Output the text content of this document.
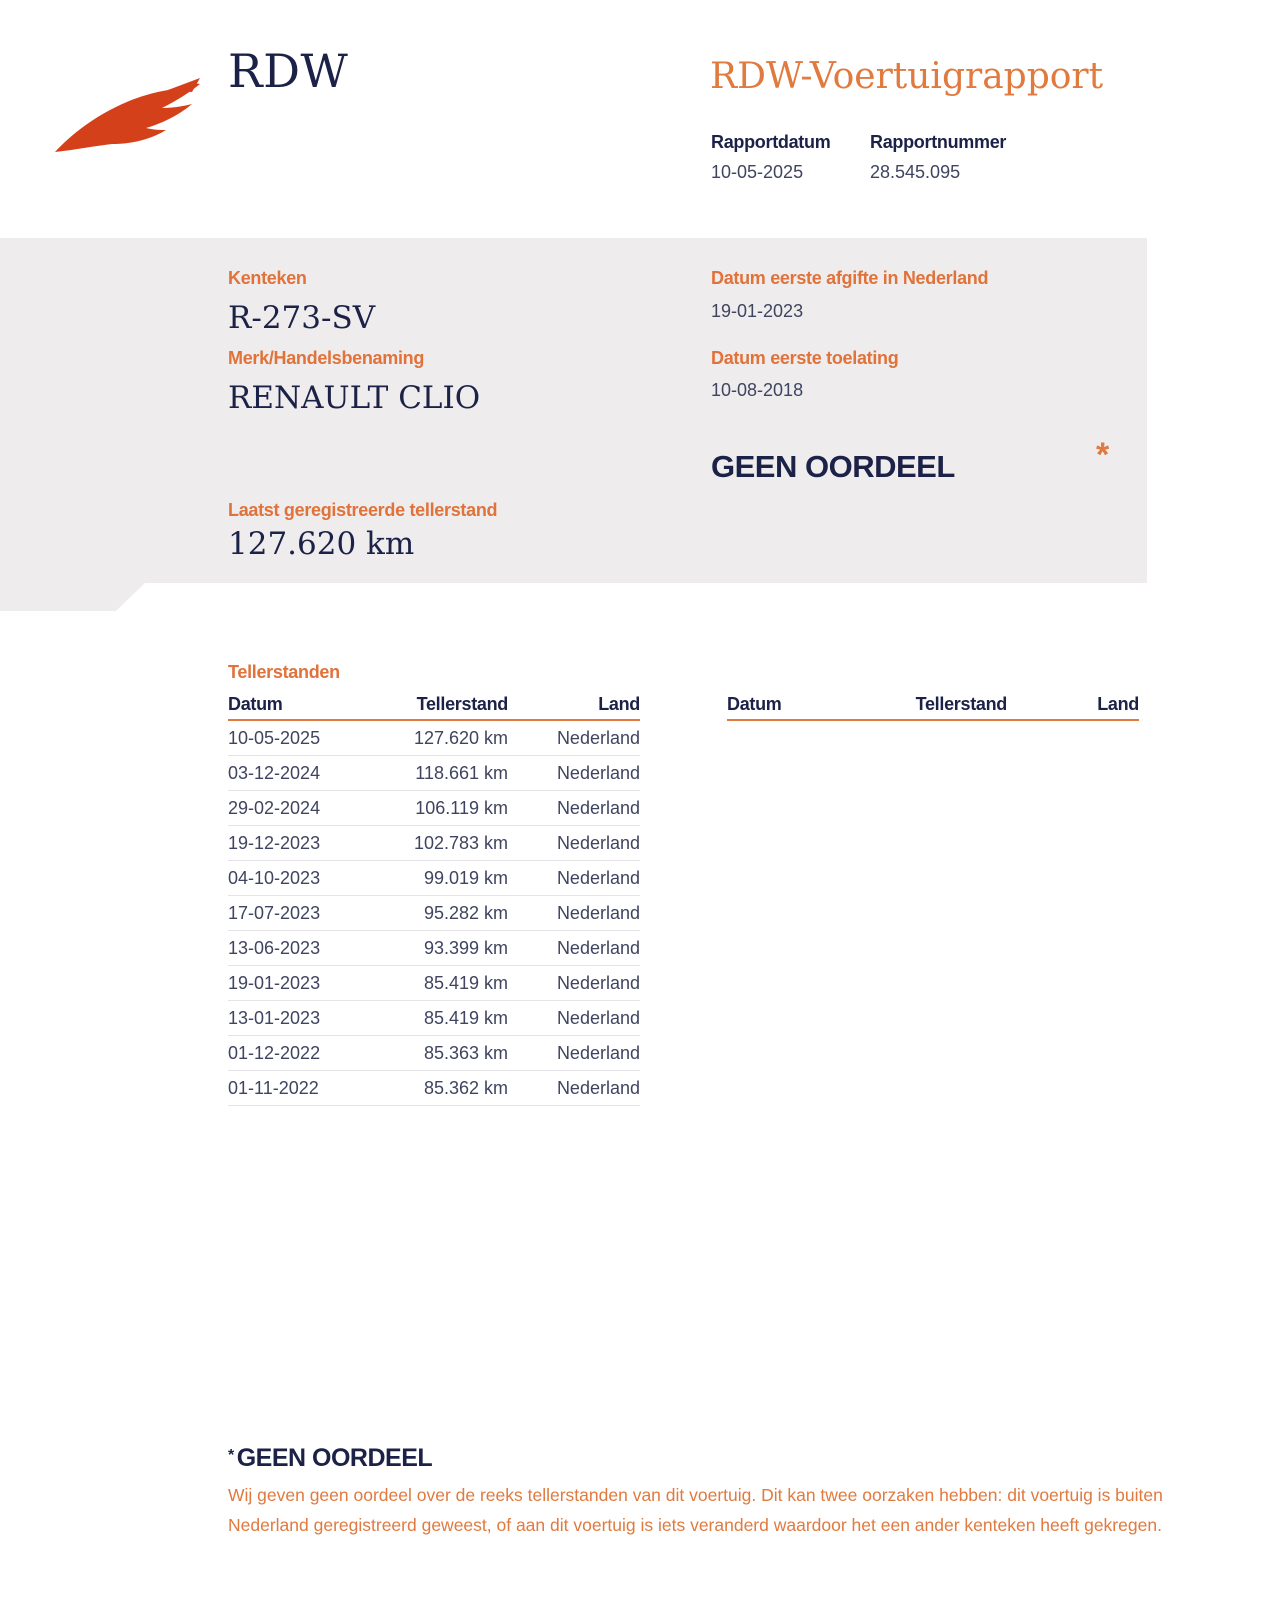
RDW	RDW-Voertuigrapport
Rapportdatum
10-05-2025
Rapportnummer
28.545.095
Kenteken
R-273-SV
Merk/Handelsbenaming
RENAULT CLIO
Datum eerste afgifte in Nederland
19-01-2023
Datum eerste toelating
10-08-2018
GEEN OORDEEL	*
Laatst geregistreerde tellerstand
127.620 km
Tellerstanden
Datum	Tellerstand	Land
10-05-2025	127.620 km	Nederland
03-12-2024	118.661 km	Nederland
29-02-2024	106.119 km	Nederland
19-12-2023	102.783 km	Nederland
04-10-2023	99.019 km	Nederland
17-07-2023	95.282 km	Nederland
13-06-2023	93.399 km	Nederland
19-01-2023	85.419 km	Nederland
13-01-2023	85.419 km	Nederland
01-12-2022	85.363 km	Nederland
01-11-2022	85.362 km	Nederland
Datum	Tellerstand	Land
* GEEN OORDEEL
Wij geven geen oordeel over de reeks tellerstanden van dit voertuig. Dit kan twee oorzaken hebben: dit voertuig is buiten Nederland geregistreerd geweest, of aan dit voertuig is iets veranderd waardoor het een ander kenteken heeft gekregen.
